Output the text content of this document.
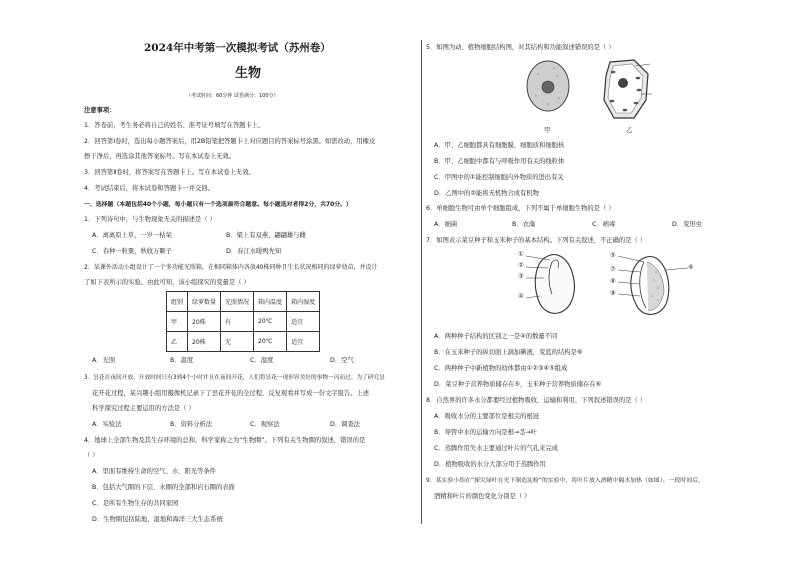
2024年中考第一次模拟考试（苏州卷）
生物
（考试时间：60分钟 试卷满分：100分）
注意事项：
1．答卷前，考生务必将自己的姓名、准考证号填写在答题卡上。
2．回答第Ⅰ卷时，选出每小题答案后，用2B铅笔把答题卡上对应题目的答案标号涂黑。如需改动，用橡皮
擦干净后，再选涂其他答案标号。写在本试卷上无效。
3．回答第Ⅱ卷时，将答案写在答题卡上。写在本试卷上无效。
4．考试结束后，将本试卷和答题卡一并交回。
一、选择题（本题包括40个小题，每小题只有一个选项最符合题意。每小题选对者得2分，共70分。）
1．下列诗句中，与生物现象无关的描述是（ ）
A．离离原上草，一岁一枯荣	B．梁上有双燕，翩翩雄与雌
C．春种一粒粟，秋收万颗子	D．春江水暖鸭先知
2．某课外活动小组设计了一个多功能光照箱，在相同箱体内各放40株同种且生长状况相同的绿萝幼苗，并设计
了如下表所示的实验。由此可知，该小组探究的变量是（ ）
组别	绿萝数量	光照情况	箱内温度	箱内湿度
甲	20株	有	20℃	适宜
乙	20株	无	20℃	适宜
A．光照	B．温度	C．湿度	D．空气
3．昙花在夜间开放，开放时间只有3到4个小时并且在夜间开花，人们将昙花一现形容美好的事物一闪而过。为了研究昙
花开花过程，某兴趣小组用摄像机记录下了昙花开花的全过程，反复观看并写成一份文字报告。上述
科学探究过程主要运用的方法是（ ）
A．实验法	B．资料分析法	C．观察法	D．调查法
4．地球上全部生物及其生存环境的总和，科学家称之为“生物圈”。下列有关生物圈的叙述，错误的是
（ ）
A．里面有维持生命的空气、水、阳光等条件
B．包括大气圈的下层、水圈的全部和岩石圈的表面
C．是所有生物生存的共同家园
D．生物圈包括陆地、湿地和海洋三大生态系统
5．如图为动、植物细胞结构图，对其结构和功能叙述错误的是（ ）
甲	乙
A．甲、乙细胞都具有细胞膜、细胞质和细胞核
B．甲、乙细胞中都有与呼吸作用有关的线粒体
C．甲图中的①能控制细胞内外物质的进出有关
D．乙图中的②能将无机物合成有机物
6．单细胞生物可由单个细胞组成，下列不属于单细胞生物的是（ ）
A．细菌	B．衣藻	C．病毒	D．变形虫
7．如图表示菜豆种子和玉米种子的基本结构。下列有关叙述，不正确的是（ ）
①
②
③
④
⑤
⑦
⑧
⑨
⑥
A．两种种子结构的区别之一是④的数量不同
B．在玉米种子的纵切面上滴加碘液，变蓝的结构是⑥
C．两种种子中新植物的幼体都由①②③④⑤组成
D．菜豆种子营养物质储存在⑤，玉米种子营养物质储存在⑥
8．自然界的许多水分都要经过植物吸收、运输和利用，下列叙述错误的是（ ）
A．吸收水分的主要部位是根尖的根冠
B．导管中水的运输方向是根→茎→叶
C．蒸腾作用失水主要通过叶片的气孔来完成
D．植物吸收的水分大部分用于蒸腾作用
9．某实验小组在“探究绿叶在光下制造淀粉”的实验中，将叶片放入酒精中隔水加热（如图）。一段时间后，
酒精和叶片的颜色变化分别是（ ）
